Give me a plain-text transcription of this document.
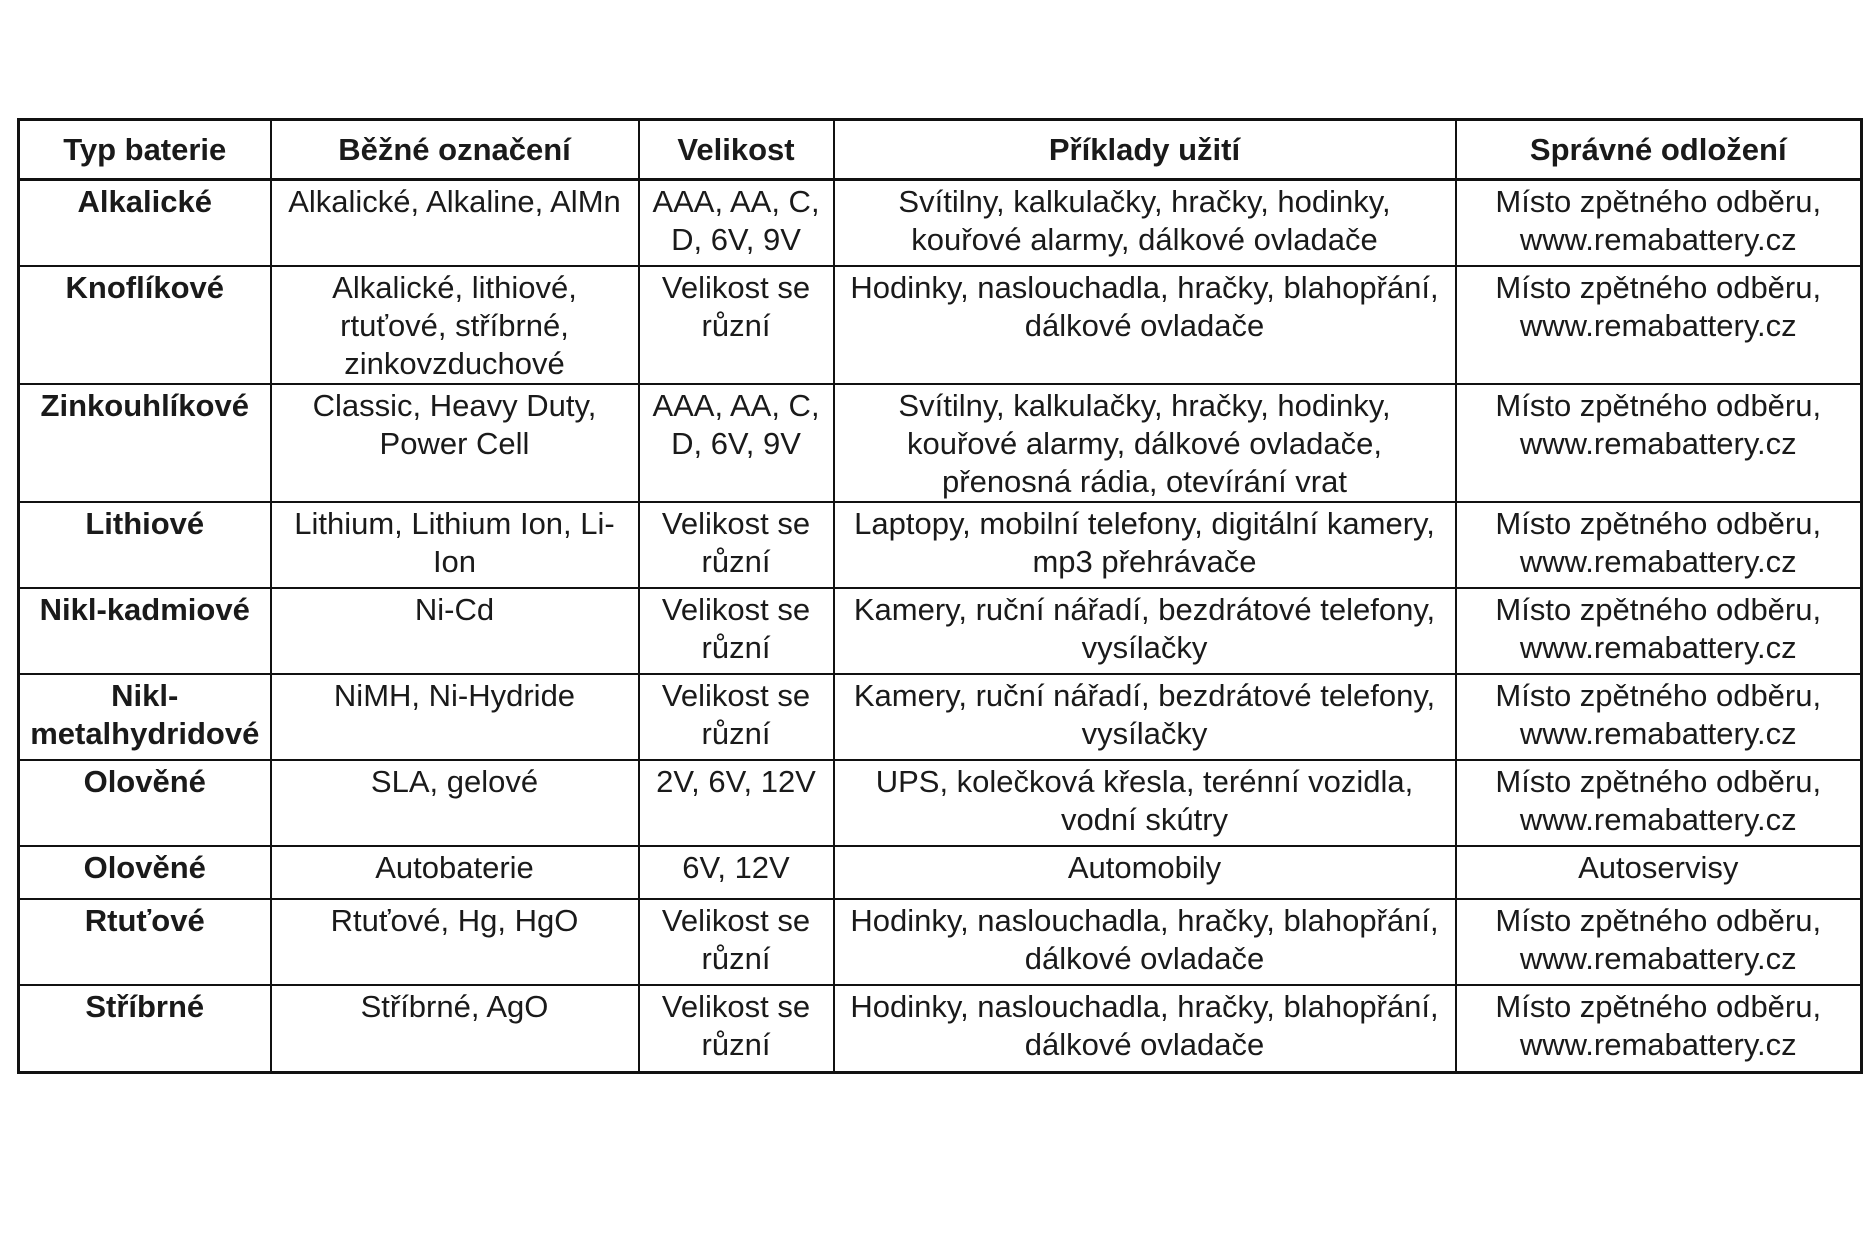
Typ baterie	Běžné označení	Velikost	Příklady užití	Správné odložení
Alkalické	Alkalické, Alkaline, AlMn	AAA, AA, C, D, 6V, 9V	Svítilny, kalkulačky, hračky, hodinky, kouřové alarmy, dálkové ovladače	Místo zpětného odběru, www.remabattery.cz
Knoflíkové	Alkalické, lithiové, rtuťové, stříbrné, zinkovzduchové	Velikost se různí	Hodinky, naslouchadla, hračky, blahopřání, dálkové ovladače	Místo zpětného odběru, www.remabattery.cz
Zinkouhlíkové	Classic, Heavy Duty, Power Cell	AAA, AA, C, D, 6V, 9V	Svítilny, kalkulačky, hračky, hodinky, kouřové alarmy, dálkové ovladače, přenosná rádia, otevírání vrat	Místo zpětného odběru, www.remabattery.cz
Lithiové	Lithium, Lithium Ion, Li-Ion	Velikost se různí	Laptopy, mobilní telefony, digitální kamery, mp3 přehrávače	Místo zpětného odběru, www.remabattery.cz
Nikl-kadmiové	Ni-Cd	Velikost se různí	Kamery, ruční nářadí, bezdrátové telefony, vysílačky	Místo zpětného odběru, www.remabattery.cz
Nikl-metalhydridové	NiMH, Ni-Hydride	Velikost se různí	Kamery, ruční nářadí, bezdrátové telefony, vysílačky	Místo zpětného odběru, www.remabattery.cz
Olověné	SLA, gelové	2V, 6V, 12V	UPS, kolečková křesla, terénní vozidla, vodní skútry	Místo zpětného odběru, www.remabattery.cz
Olověné	Autobaterie	6V, 12V	Automobily	Autoservisy
Rtuťové	Rtuťové, Hg, HgO	Velikost se různí	Hodinky, naslouchadla, hračky, blahopřání, dálkové ovladače	Místo zpětného odběru, www.remabattery.cz
Stříbrné	Stříbrné, AgO	Velikost se různí	Hodinky, naslouchadla, hračky, blahopřání, dálkové ovladače	Místo zpětného odběru, www.remabattery.cz
